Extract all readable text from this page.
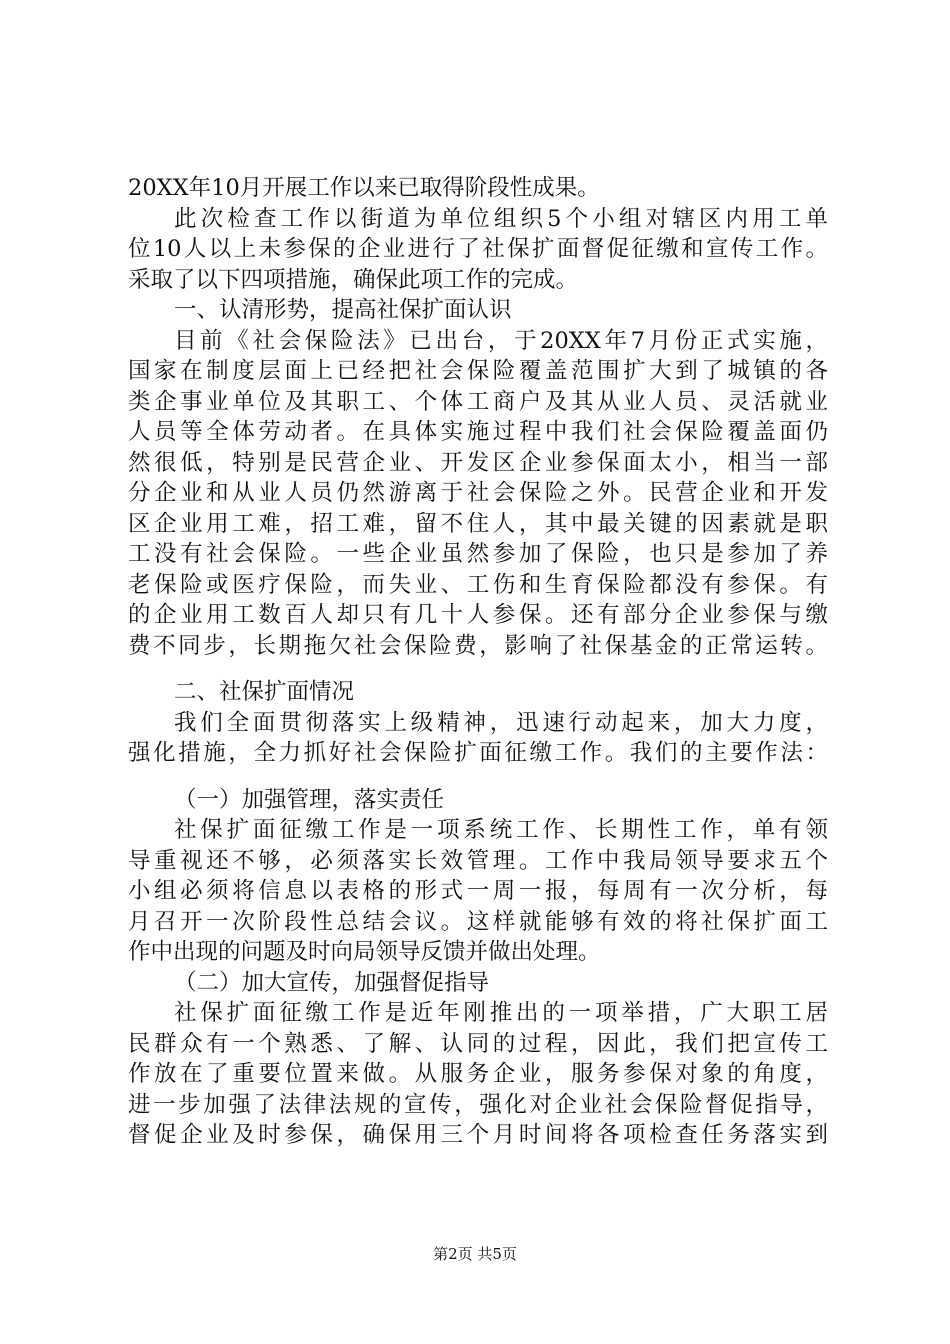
20XX年10月开展工作以来已取得阶段性成果。
此次检查工作以街道为单位组织5个小组对辖区内用工单
位10人以上未参保的企业进行了社保扩面督促征缴和宣传工作。
采取了以下四项措施，确保此项工作的完成。
一、认清形势，提高社保扩面认识
目前《社会保险法》已出台，于20XX年7月份正式实施，
国家在制度层面上已经把社会保险覆盖范围扩大到了城镇的各
类企事业单位及其职工、个体工商户及其从业人员、灵活就业
人员等全体劳动者。在具体实施过程中我们社会保险覆盖面仍
然很低，特别是民营企业、开发区企业参保面太小，相当一部
分企业和从业人员仍然游离于社会保险之外。民营企业和开发
区企业用工难，招工难，留不住人，其中最关键的因素就是职
工没有社会保险。一些企业虽然参加了保险，也只是参加了养
老保险或医疗保险，而失业、工伤和生育保险都没有参保。有
的企业用工数百人却只有几十人参保。还有部分企业参保与缴
费不同步，长期拖欠社会保险费，影响了社保基金的正常运转。
二、社保扩面情况
我们全面贯彻落实上级精神，迅速行动起来，加大力度，
强化措施，全力抓好社会保险扩面征缴工作。我们的主要作法：
（一）加强管理，落实责任
社保扩面征缴工作是一项系统工作、长期性工作，单有领
导重视还不够，必须落实长效管理。工作中我局领导要求五个
小组必须将信息以表格的形式一周一报，每周有一次分析，每
月召开一次阶段性总结会议。这样就能够有效的将社保扩面工
作中出现的问题及时向局领导反馈并做出处理。
（二）加大宣传，加强督促指导
社保扩面征缴工作是近年刚推出的一项举措，广大职工居
民群众有一个熟悉、了解、认同的过程，因此，我们把宣传工
作放在了重要位置来做。从服务企业，服务参保对象的角度，
进一步加强了法律法规的宣传，强化对企业社会保险督促指导，
督促企业及时参保，确保用三个月时间将各项检查任务落实到
第2页 共5页
